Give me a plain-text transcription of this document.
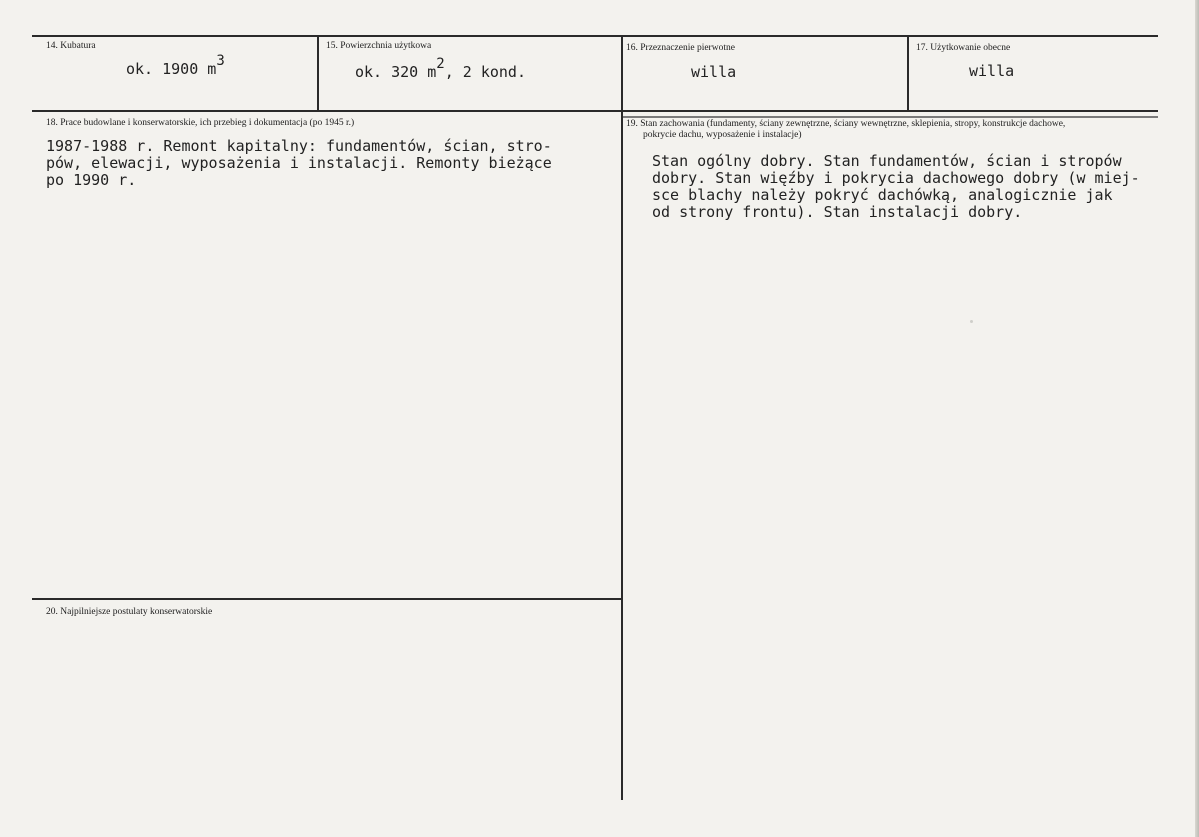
14. Kubatura
ok. 1900 m3
15. Powierzchnia użytkowa
ok. 320 m2, 2 kond.
16. Przeznaczenie pierwotne
willa
17. Użytkowanie obecne
willa
18. Prace budowlane i konserwatorskie, ich przebieg i dokumentacja (po 1945 r.)
1987-1988 r. Remont kapitalny: fundamentów, ścian, stro-
pów, elewacji, wyposażenia i instalacji. Remonty bieżące
po 1990 r.
19. Stan zachowania (fundamenty, ściany zewnętrzne, ściany wewnętrzne, sklepienia, stropy, konstrukcje dachowe,
pokrycie dachu, wyposażenie i instalacje)
Stan ogólny dobry. Stan fundamentów, ścian i stropów
dobry. Stan więźby i pokrycia dachowego dobry (w miej-
sce blachy należy pokryć dachówką, analogicznie jak
od strony frontu). Stan instalacji dobry.
20. Najpilniejsze postulaty konserwatorskie
